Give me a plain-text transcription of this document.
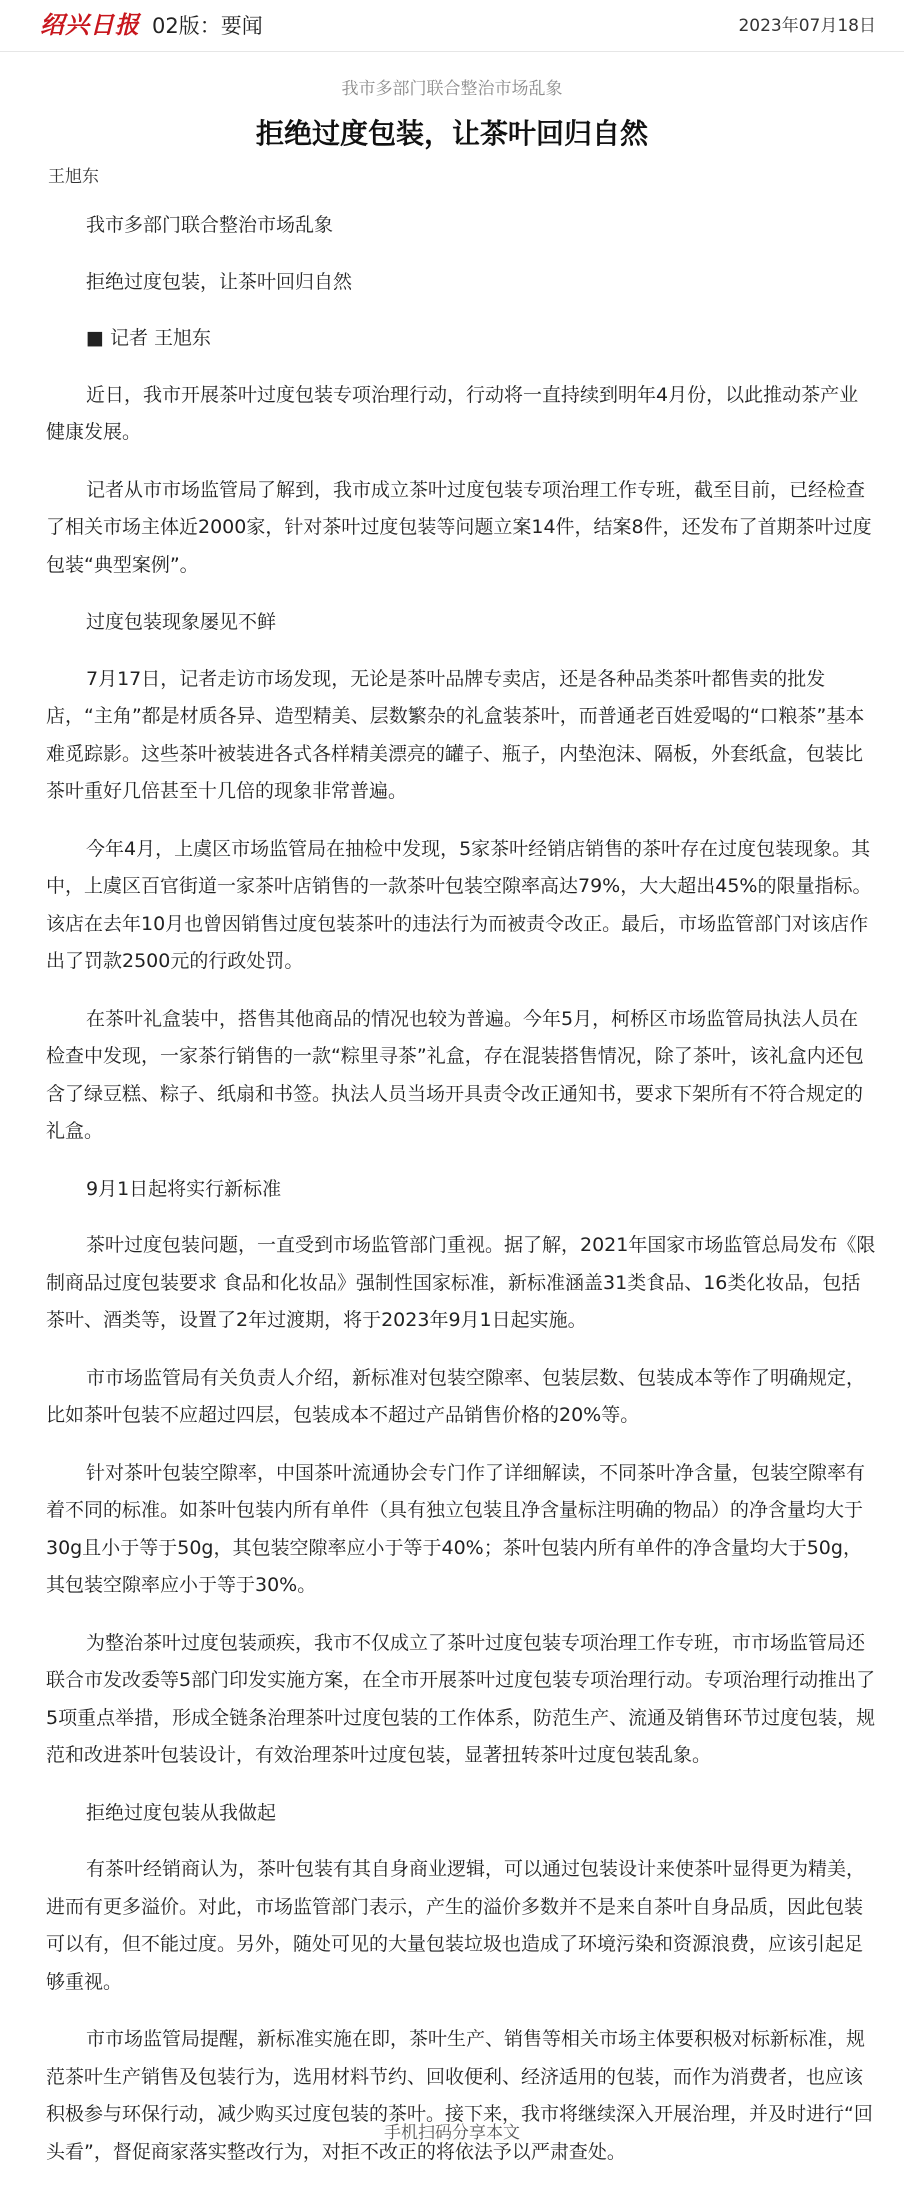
绍兴日报 02版：要闻	2023年07月18日
我市多部门联合整治市场乱象
拒绝过度包装，让茶叶回归自然
王旭东

我市多部门联合整治市场乱象

拒绝过度包装，让茶叶回归自然

■ 记者 王旭东

近日，我市开展茶叶过度包装专项治理行动，行动将一直持续到明年4月份，以此推动茶产业健康发展。

记者从市市场监管局了解到，我市成立茶叶过度包装专项治理工作专班，截至目前，已经检查了相关市场主体近2000家，针对茶叶过度包装等问题立案14件，结案8件，还发布了首期茶叶过度包装“典型案例”。

过度包装现象屡见不鲜

7月17日，记者走访市场发现，无论是茶叶品牌专卖店，还是各种品类茶叶都售卖的批发店，“主角”都是材质各异、造型精美、层数繁杂的礼盒装茶叶，而普通老百姓爱喝的“口粮茶”基本难觅踪影。这些茶叶被装进各式各样精美漂亮的罐子、瓶子，内垫泡沫、隔板，外套纸盒，包装比茶叶重好几倍甚至十几倍的现象非常普遍。

今年4月，上虞区市场监管局在抽检中发现，5家茶叶经销店销售的茶叶存在过度包装现象。其中，上虞区百官街道一家茶叶店销售的一款茶叶包装空隙率高达79%，大大超出45%的限量指标。该店在去年10月也曾因销售过度包装茶叶的违法行为而被责令改正。最后，市场监管部门对该店作出了罚款2500元的行政处罚。

在茶叶礼盒装中，搭售其他商品的情况也较为普遍。今年5月，柯桥区市场监管局执法人员在检查中发现，一家茶行销售的一款“粽里寻茶”礼盒，存在混装搭售情况，除了茶叶，该礼盒内还包含了绿豆糕、粽子、纸扇和书签。执法人员当场开具责令改正通知书，要求下架所有不符合规定的礼盒。

9月1日起将实行新标准

茶叶过度包装问题，一直受到市场监管部门重视。据了解，2021年国家市场监管总局发布《限制商品过度包装要求 食品和化妆品》强制性国家标准，新标准涵盖31类食品、16类化妆品，包括茶叶、酒类等，设置了2年过渡期，将于2023年9月1日起实施。

市市场监管局有关负责人介绍，新标准对包装空隙率、包装层数、包装成本等作了明确规定，比如茶叶包装不应超过四层，包装成本不超过产品销售价格的20%等。

针对茶叶包装空隙率，中国茶叶流通协会专门作了详细解读，不同茶叶净含量，包装空隙率有着不同的标准。如茶叶包装内所有单件（具有独立包装且净含量标注明确的物品）的净含量均大于30g且小于等于50g，其包装空隙率应小于等于40%；茶叶包装内所有单件的净含量均大于50g，其包装空隙率应小于等于30%。

为整治茶叶过度包装顽疾，我市不仅成立了茶叶过度包装专项治理工作专班，市市场监管局还联合市发改委等5部门印发实施方案，在全市开展茶叶过度包装专项治理行动。专项治理行动推出了5项重点举措，形成全链条治理茶叶过度包装的工作体系，防范生产、流通及销售环节过度包装，规范和改进茶叶包装设计，有效治理茶叶过度包装，显著扭转茶叶过度包装乱象。

拒绝过度包装从我做起

有茶叶经销商认为，茶叶包装有其自身商业逻辑，可以通过包装设计来使茶叶显得更为精美，进而有更多溢价。对此，市场监管部门表示，产生的溢价多数并不是来自茶叶自身品质，因此包装可以有，但不能过度。另外，随处可见的大量包装垃圾也造成了环境污染和资源浪费，应该引起足够重视。

市市场监管局提醒，新标准实施在即，茶叶生产、销售等相关市场主体要积极对标新标准，规范茶叶生产销售及包装行为，选用材料节约、回收便利、经济适用的包装，而作为消费者，也应该积极参与环保行动，减少购买过度包装的茶叶。接下来，我市将继续深入开展治理，并及时进行“回头看”，督促商家落实整改行为，对拒不改正的将依法予以严肃查处。

手机扫码分享本文
